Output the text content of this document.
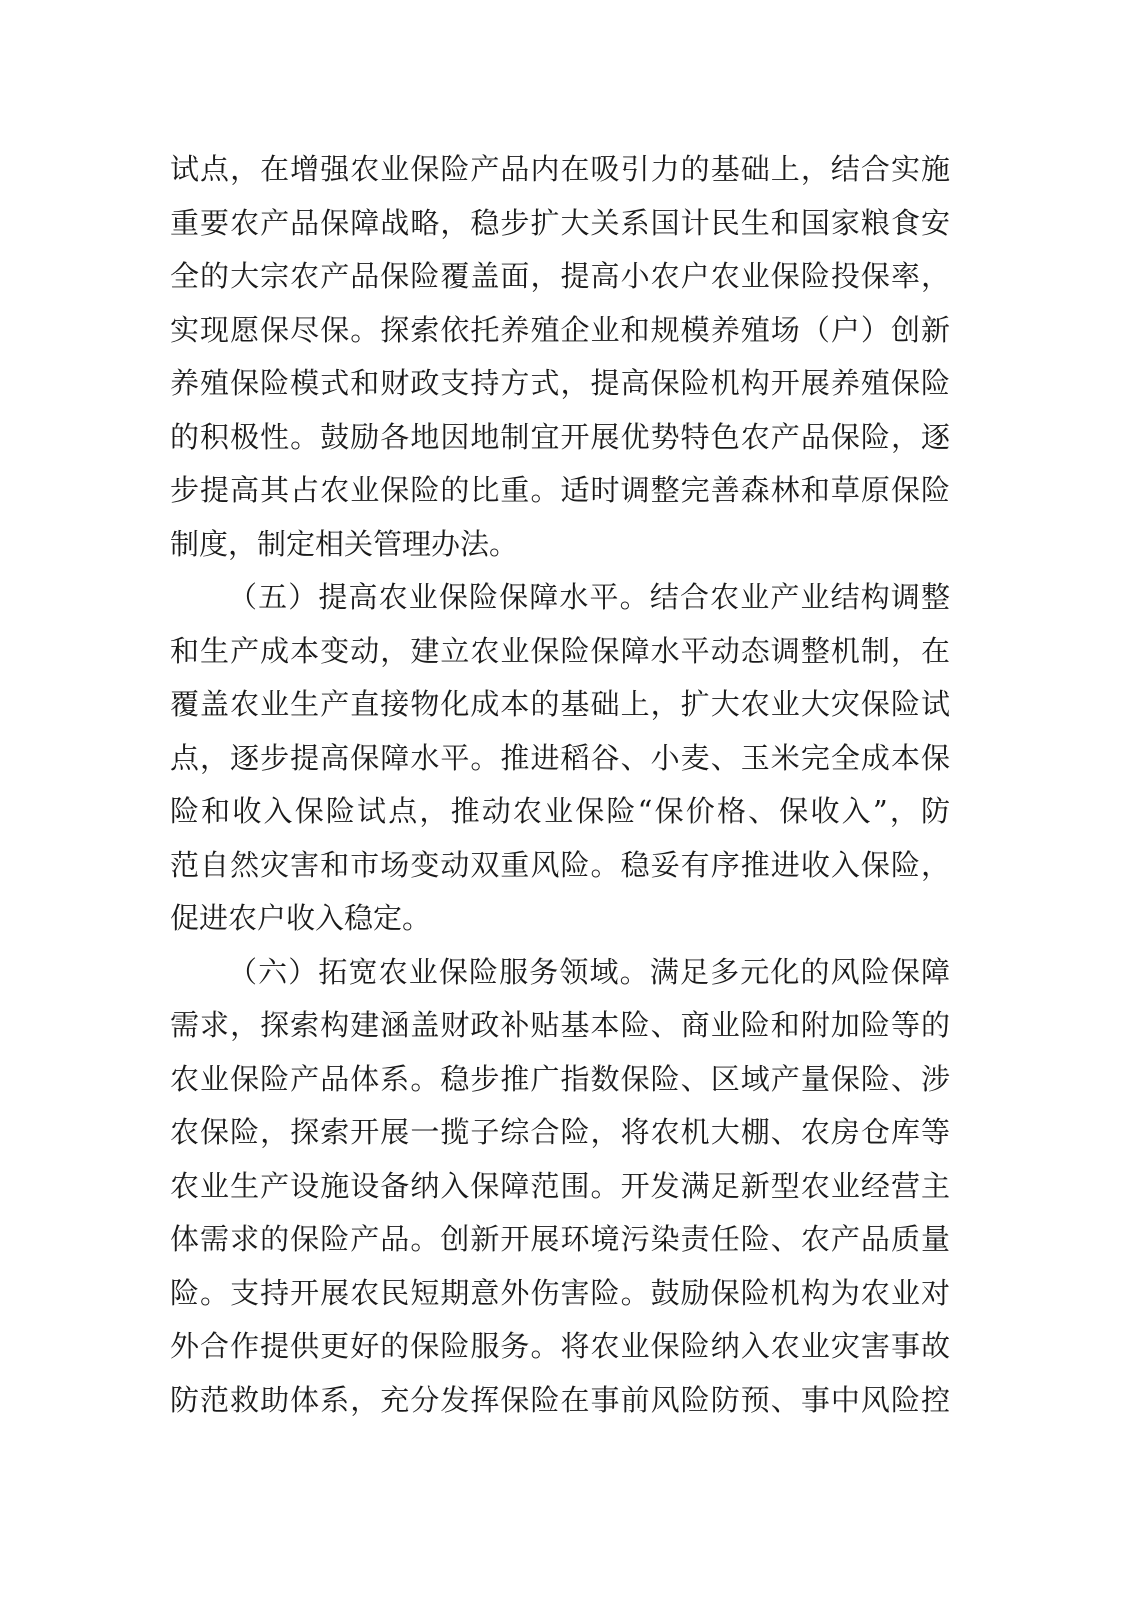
试点，在增强农业保险产品内在吸引力的基础上，结合实施
重要农产品保障战略，稳步扩大关系国计民生和国家粮食安
全的大宗农产品保险覆盖面，提高小农户农业保险投保率，
实现愿保尽保。探索依托养殖企业和规模养殖场（户）创新
养殖保险模式和财政支持方式，提高保险机构开展养殖保险
的积极性。鼓励各地因地制宜开展优势特色农产品保险，逐
步提高其占农业保险的比重。适时调整完善森林和草原保险
制度，制定相关管理办法。
（五）提高农业保险保障水平。结合农业产业结构调整
和生产成本变动，建立农业保险保障水平动态调整机制，在
覆盖农业生产直接物化成本的基础上，扩大农业大灾保险试
点，逐步提高保障水平。推进稻谷、小麦、玉米完全成本保
险和收入保险试点，推动农业保险“保价格、保收入”，防
范自然灾害和市场变动双重风险。稳妥有序推进收入保险，
促进农户收入稳定。
（六）拓宽农业保险服务领域。满足多元化的风险保障
需求，探索构建涵盖财政补贴基本险、商业险和附加险等的
农业保险产品体系。稳步推广指数保险、区域产量保险、涉
农保险，探索开展一揽子综合险，将农机大棚、农房仓库等
农业生产设施设备纳入保障范围。开发满足新型农业经营主
体需求的保险产品。创新开展环境污染责任险、农产品质量
险。支持开展农民短期意外伤害险。鼓励保险机构为农业对
外合作提供更好的保险服务。将农业保险纳入农业灾害事故
防范救助体系，充分发挥保险在事前风险防预、事中风险控
